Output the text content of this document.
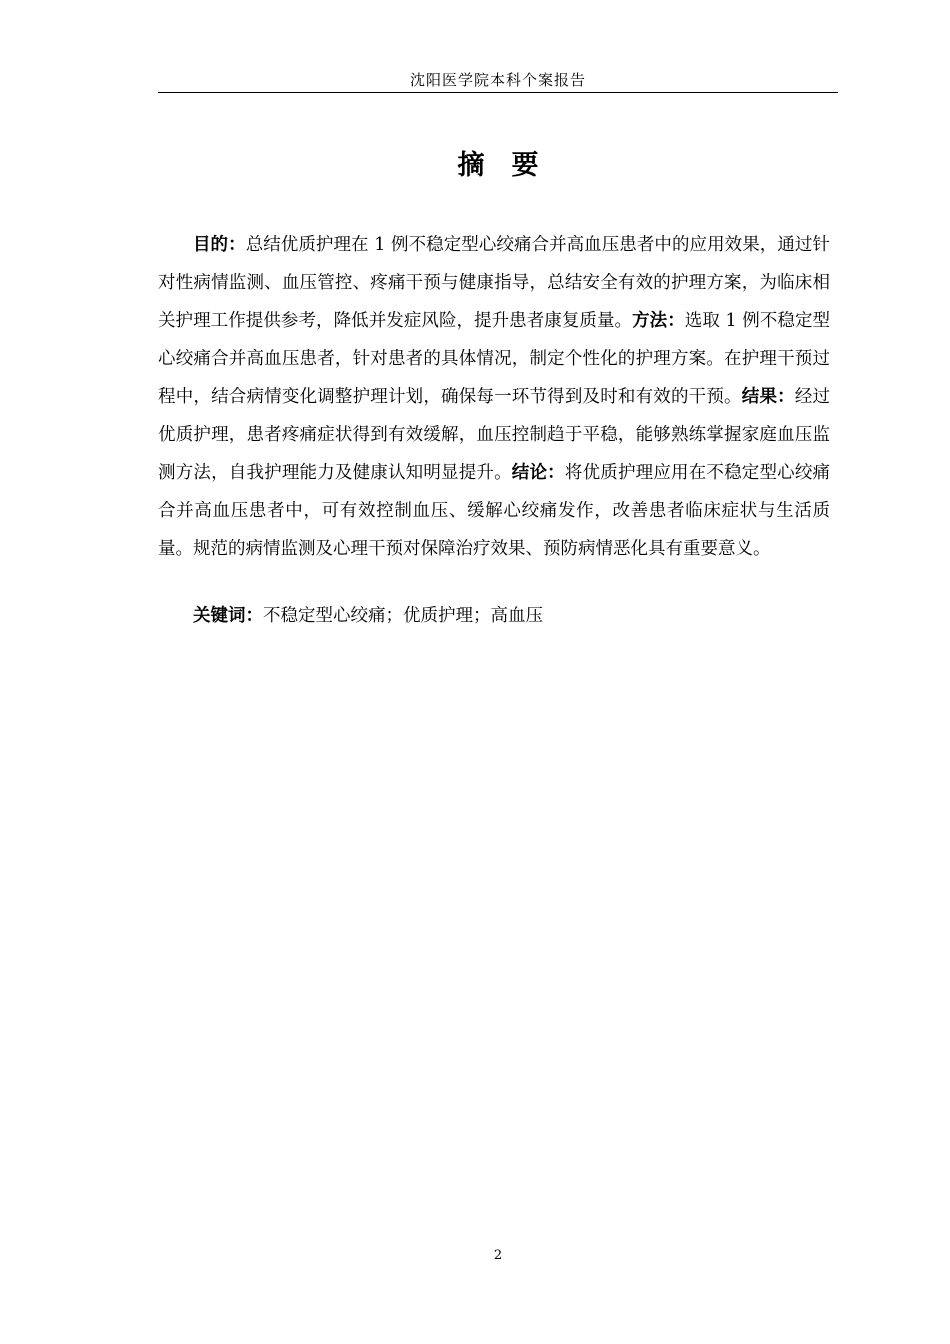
沈阳医学院本科个案报告
摘　要

目的：总结优质护理在 1 例不稳定型心绞痛合并高血压患者中的应用效果，通过针对性病情监测、血压管控、疼痛干预与健康指导，总结安全有效的护理方案，为临床相关护理工作提供参考，降低并发症风险，提升患者康复质量。方法：选取 1 例不稳定型心绞痛合并高血压患者，针对患者的具体情况，制定个性化的护理方案。在护理干预过程中，结合病情变化调整护理计划，确保每一环节得到及时和有效的干预。结果：经过优质护理，患者疼痛症状得到有效缓解，血压控制趋于平稳，能够熟练掌握家庭血压监测方法，自我护理能力及健康认知明显提升。结论：将优质护理应用在不稳定型心绞痛合并高血压患者中，可有效控制血压、缓解心绞痛发作，改善患者临床症状与生活质量。规范的病情监测及心理干预对保障治疗效果、预防病情恶化具有重要意义。

关键词：不稳定型心绞痛；优质护理；高血压

2
